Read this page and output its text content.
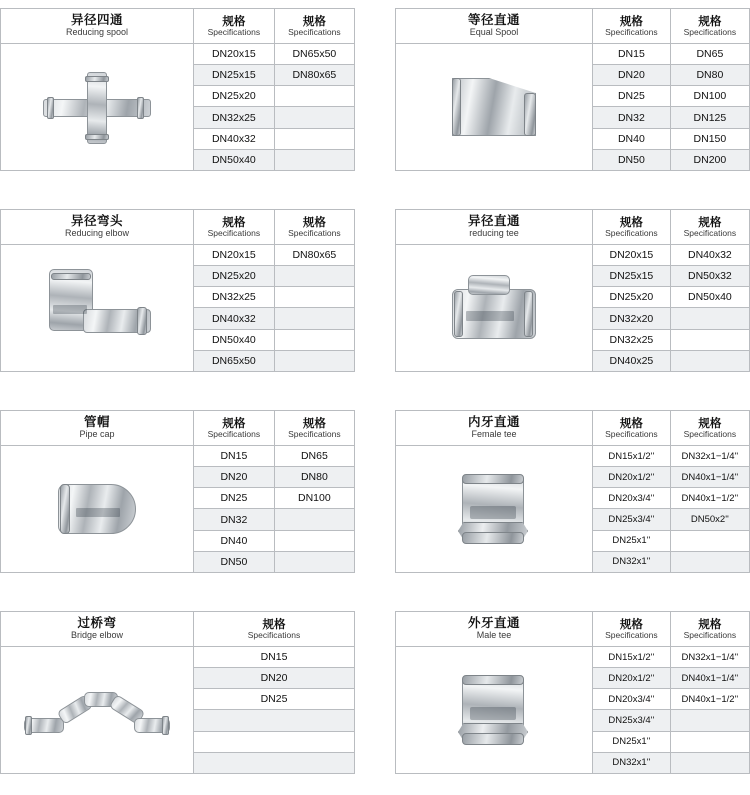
异径四通
Reducing spool
规格
Specifications	规格
Specifications

DN20x15	DN65x50
DN25x15	DN80x65
DN25x20	
DN32x25	
DN40x32	
DN50x40	
等径直通
Equal Spool
规格
Specifications	规格
Specifications

DN15	DN65
DN20	DN80
DN25	DN100
DN32	DN125
DN40	DN150
DN50	DN200
异径弯头
Reducing elbow
规格
Specifications	规格
Specifications

DN20x15	DN80x65
DN25x20	
DN32x25	
DN40x32	
DN50x40	
DN65x50	
异径直通
reducing tee
规格
Specifications	规格
Specifications

DN20x15	DN40x32
DN25x15	DN50x32
DN25x20	DN50x40
DN32x20	
DN32x25	
DN40x25	
管帽
Pipe cap
规格
Specifications	规格
Specifications

DN15	DN65
DN20	DN80
DN25	DN100
DN32	
DN40	
DN50	
内牙直通
Female tee
规格
Specifications	规格
Specifications

DN15x1/2''	DN32x1−1/4''
DN20x1/2''	DN40x1−1/4''
DN20x3/4''	DN40x1−1/2''
DN25x3/4''	DN50x2''
DN25x1''	
DN32x1''	
过桥弯
Bridge elbow
规格
Specifications

DN15
DN20
DN25

外牙直通
Male tee
规格
Specifications	规格
Specifications

DN15x1/2''	DN32x1−1/4''
DN20x1/2''	DN40x1−1/4''
DN20x3/4''	DN40x1−1/2''
DN25x3/4''	
DN25x1''	
DN32x1''	
